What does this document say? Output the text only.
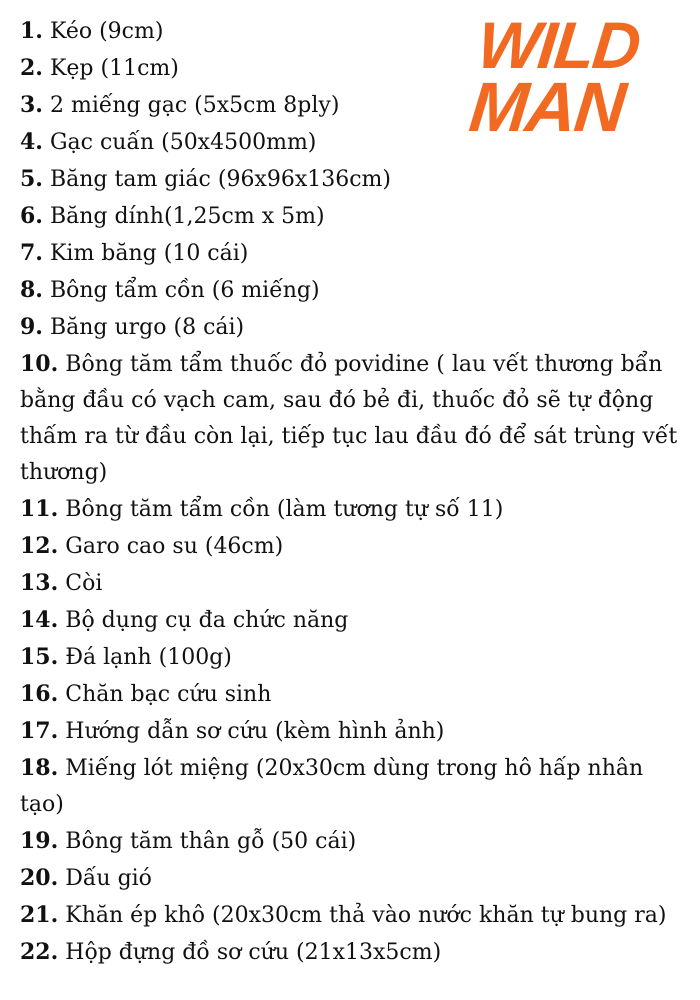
WILD
MAN
1. Kéo (9cm)
2. Kẹp (11cm)
3. 2 miếng gạc (5x5cm 8ply)
4. Gạc cuấn (50x4500mm)
5. Băng tam giác (96x96x136cm)
6. Băng dính(1,25cm x 5m)
7. Kim băng (10 cái)
8. Bông tẩm cồn (6 miếng)
9. Băng urgo (8 cái)
10. Bông tăm tẩm thuốc đỏ povidine ( lau vết thương bẩn bằng đầu có vạch cam, sau đó bẻ đi, thuốc đỏ sẽ tự động thấm ra từ đầu còn lại, tiếp tục lau đầu đó để sát trùng vết thương)
11. Bông tăm tẩm cồn (làm tương tự số 11)
12. Garo cao su (46cm)
13. Còi
14. Bộ dụng cụ đa chức năng
15. Đá lạnh (100g)
16. Chăn bạc cứu sinh
17. Hướng dẫn sơ cứu (kèm hình ảnh)
18. Miếng lót miệng (20x30cm dùng trong hô hấp nhân tạo)
19. Bông tăm thân gỗ (50 cái)
20. Dấu gió
21. Khăn ép khô (20x30cm thả vào nước khăn tự bung ra)
22. Hộp đựng đồ sơ cứu (21x13x5cm)
